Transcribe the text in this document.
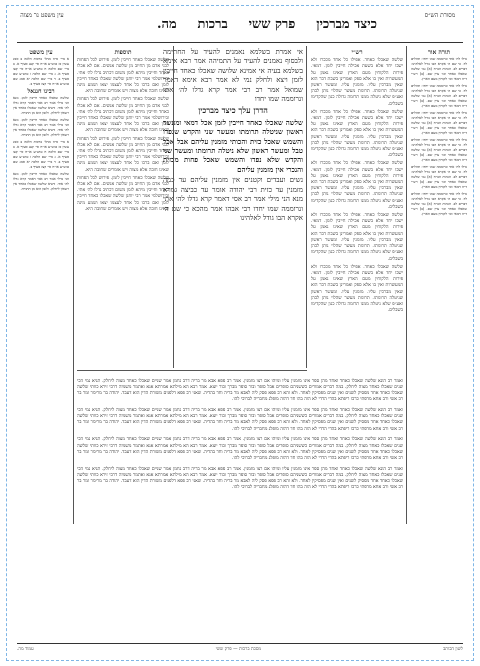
מסורת הש״ס
כיצד מברכין
פרק ששי
ברכות
מה.
עין משפט נר מצוה
תורה אור

גדלו לה׳ אתי ונרוממה שמו יחדו: תהלים לד. כי שם ה׳ אקרא הבו גודל לאלהינו: דברים לב. הגהות הב״ח (א) גמ׳ שלשה שאכלו כאחד וכו׳ עיין שם. (ב) רש״י ד״ה דמאי וכו׳ לקוחין מעם הארץ.

גדלו לה׳ אתי ונרוממה שמו יחדו: תהלים לד. כי שם ה׳ אקרא הבו גודל לאלהינו: דברים לב. הגהות הב״ח (א) גמ׳ שלשה שאכלו כאחד וכו׳ עיין שם. (ב) רש״י ד״ה דמאי וכו׳ לקוחין מעם הארץ.

גדלו לה׳ אתי ונרוממה שמו יחדו: תהלים לד. כי שם ה׳ אקרא הבו גודל לאלהינו: דברים לב. הגהות הב״ח (א) גמ׳ שלשה שאכלו כאחד וכו׳ עיין שם. (ב) רש״י ד״ה דמאי וכו׳ לקוחין מעם הארץ.

גדלו לה׳ אתי ונרוממה שמו יחדו: תהלים לד. כי שם ה׳ אקרא הבו גודל לאלהינו: דברים לב. הגהות הב״ח (א) גמ׳ שלשה שאכלו כאחד וכו׳ עיין שם. (ב) רש״י ד״ה דמאי וכו׳ לקוחין מעם הארץ.

גדלו לה׳ אתי ונרוממה שמו יחדו: תהלים לד. כי שם ה׳ אקרא הבו גודל לאלהינו: דברים לב. הגהות הב״ח (א) גמ׳ שלשה שאכלו כאחד וכו׳ עיין שם. (ב) רש״י ד״ה דמאי וכו׳ לקוחין מעם הארץ.

גדלו לה׳ אתי ונרוממה שמו יחדו: תהלים לד. כי שם ה׳ אקרא הבו גודל לאלהינו: דברים לב. הגהות הב״ח (א) גמ׳ שלשה שאכלו כאחד וכו׳ עיין שם. (ב) רש״י ד״ה דמאי וכו׳ לקוחין מעם הארץ.

רש״י

שלשה שאכלו כאחד. אפילו כל אחד מככרו ולא ישבו יחד אלא בשעת אכילה חייבין לזמן. דמאי. פירות הלקוחין מעם הארץ שאינו נאמן על המעשרות ואין בו אלא ספק ואמרינן בשבת דבר הוא שאין מברכין עליו. מזמנין עליו. ומעשר ראשון שניטלה תרומתו. תרומת מעשר שהלוי נותן לכהן ואע״פ שלא ניטלה ממנו תרומה גדולה כגון שהקדימו בשבלים.

שלשה שאכלו כאחד. אפילו כל אחד מככרו ולא ישבו יחד אלא בשעת אכילה חייבין לזמן. דמאי. פירות הלקוחין מעם הארץ שאינו נאמן על המעשרות ואין בו אלא ספק ואמרינן בשבת דבר הוא שאין מברכין עליו. מזמנין עליו. ומעשר ראשון שניטלה תרומתו. תרומת מעשר שהלוי נותן לכהן ואע״פ שלא ניטלה ממנו תרומה גדולה כגון שהקדימו בשבלים.

שלשה שאכלו כאחד. אפילו כל אחד מככרו ולא ישבו יחד אלא בשעת אכילה חייבין לזמן. דמאי. פירות הלקוחין מעם הארץ שאינו נאמן על המעשרות ואין בו אלא ספק ואמרינן בשבת דבר הוא שאין מברכין עליו. מזמנין עליו. ומעשר ראשון שניטלה תרומתו. תרומת מעשר שהלוי נותן לכהן ואע״פ שלא ניטלה ממנו תרומה גדולה כגון שהקדימו בשבלים.

שלשה שאכלו כאחד. אפילו כל אחד מככרו ולא ישבו יחד אלא בשעת אכילה חייבין לזמן. דמאי. פירות הלקוחין מעם הארץ שאינו נאמן על המעשרות ואין בו אלא ספק ואמרינן בשבת דבר הוא שאין מברכין עליו. מזמנין עליו. ומעשר ראשון שניטלה תרומתו. תרומת מעשר שהלוי נותן לכהן ואע״פ שלא ניטלה ממנו תרומה גדולה כגון שהקדימו בשבלים.

שלשה שאכלו כאחד. אפילו כל אחד מככרו ולא ישבו יחד אלא בשעת אכילה חייבין לזמן. דמאי. פירות הלקוחין מעם הארץ שאינו נאמן על המעשרות ואין בו אלא ספק ואמרינן בשבת דבר הוא שאין מברכין עליו. מזמנין עליו. ומעשר ראשון שניטלה תרומתו. תרומת מעשר שהלוי נותן לכהן ואע״פ שלא ניטלה ממנו תרומה גדולה כגון שהקדימו בשבלים.

אי אמרת בשלמא נאמנים להעיד על החתימה ולבסוף נאמנים להעיד על התמיהה אמר רבא אימא בשלמא בעיה אי אמינא שלושה שאכלו כאחד חייבין לזמן ויצא ולחלק נמי לא אמר רבא אימא דאמר שמואל אמר רב רבי אמר קרא גדלו לה׳ אתי ונרוממה שמו יחדו

הדרן עלך כיצד מברכין

שלשה שאכלו כאחד חייבין לזמן אכל דמאי ומעשר ראשון שניטלה תרומתו ומעשר שני והקדש שנפדו והשמש שאכל כזית והכותי מזמנין עליהם אבל אכל טבל ומעשר ראשון שלא ניטלה תרומתו ומעשר שני והקדש שלא נפדו והשמש שאכל פחות מכזית והנכרי אין מזמנין עליהם

נשים ועבדים וקטנים אין מזמנין עליהם עד כמה מזמנין עד כזית רבי יהודה אומר עד כביצה גמרא מנא הני מילי אמר רב אסי דאמר קרא גדלו לה׳ אתי ונרוממה שמו יחדו רבי אבהו אמר מהכא כי שם ה׳ אקרא הבו גודל לאלהינו

תוספות

שלשה שאכלו כאחד חייבין לזמן. פירוש לכל הפחות לבני אדם מן החיוב מן שלשה אנשים. אם לא אכלו כאחד וחייבין מיהא לזמן משום דכתיב גדלו לה׳ אתי. ובירושלמי אמר רבי יוחנן שלשה שאכלו כאחד חייבין לזמן ואם ברכו כל אחד לעצמו יצאו ושמע מינה שאינו חובה אלא מצוה ויש אומרים שחובה היא.

שלשה שאכלו כאחד חייבין לזמן. פירוש לכל הפחות לבני אדם מן החיוב מן שלשה אנשים. אם לא אכלו כאחד וחייבין מיהא לזמן משום דכתיב גדלו לה׳ אתי. ובירושלמי אמר רבי יוחנן שלשה שאכלו כאחד חייבין לזמן ואם ברכו כל אחד לעצמו יצאו ושמע מינה שאינו חובה אלא מצוה ויש אומרים שחובה היא.

שלשה שאכלו כאחד חייבין לזמן. פירוש לכל הפחות לבני אדם מן החיוב מן שלשה אנשים. אם לא אכלו כאחד וחייבין מיהא לזמן משום דכתיב גדלו לה׳ אתי. ובירושלמי אמר רבי יוחנן שלשה שאכלו כאחד חייבין לזמן ואם ברכו כל אחד לעצמו יצאו ושמע מינה שאינו חובה אלא מצוה ויש אומרים שחובה היא.

שלשה שאכלו כאחד חייבין לזמן. פירוש לכל הפחות לבני אדם מן החיוב מן שלשה אנשים. אם לא אכלו כאחד וחייבין מיהא לזמן משום דכתיב גדלו לה׳ אתי. ובירושלמי אמר רבי יוחנן שלשה שאכלו כאחד חייבין לזמן ואם ברכו כל אחד לעצמו יצאו ושמע מינה שאינו חובה אלא מצוה ויש אומרים שחובה היא.

עין משפט

א מיי׳ פ״ה מהל׳ ברכות הלכה ב סמג עשין כז טוש״ע או״ח סי׳ קצג סעיף א. ב מיי׳ שם הלכה ח טוש״ע או״ח סי׳ קצו סעיף א. ג מיי׳ שם הלכה ז טוש״ע שם סעיף ב. ד מיי׳ שם הלכה יא סמג שם טוש״ע או״ח סי׳ קצז סעיף ב.

רבינו חננאל

שלשה שאכלו כאחד חייבין לזמן. מנא הני מילי אמר רב אסי דאמר קרא גדלו לה׳ אתי. ותניא שלשה שאכלו כאחד אין רשאין ליחלק. ולזמן הוא מן התורה.

שלשה שאכלו כאחד חייבין לזמן. מנא הני מילי אמר רב אסי דאמר קרא גדלו לה׳ אתי. ותניא שלשה שאכלו כאחד אין רשאין ליחלק. ולזמן הוא מן התורה.

א מיי׳ פ״ה מהל׳ ברכות הלכה ב סמג עשין כז טוש״ע או״ח סי׳ קצג סעיף א. ב מיי׳ שם הלכה ח טוש״ע או״ח סי׳ קצו סעיף א. ג מיי׳ שם הלכה ז טוש״ע שם סעיף ב. ד מיי׳ שם הלכה יא סמג שם טוש״ע או״ח סי׳ קצז סעיף ב.

שלשה שאכלו כאחד חייבין לזמן. מנא הני מילי אמר רב אסי דאמר קרא גדלו לה׳ אתי. ותניא שלשה שאכלו כאחד אין רשאין ליחלק. ולזמן הוא מן התורה.

ואמר רב הונא שלשה שאכלו כאחד ואחד מהן ספר אינו מזמנין עליו ומיהו אם רצו מזמנין. אמר רב פפא אבא מר בריה דרב נחמן אמר שניים שאכלו כאחד מצוה ליחלק. תניא נמי הכי שנים שאכלו כאחד מצוה ליחלק. במה דברים אמורים כששניהם סופרים אבל סופר ובור סופר מברך ובור יוצא. אמר רבא הא מילתא אמרתא אנא ואתמר משמיה דרבי זירא כוותי שלשה שאכלו כאחד אחד מפסיק לשנים ואין שנים מפסיקין לאחד. ולא והא רב פפא פסק ליה לאבא מר בריה וחד בהדיה. שאני רב פפא דלפנים משורת הדין הוא דעבד. יהודה בר מרימר ומר בר רב אשי ורב אחא מדפתי כרכו ריפתא בהדי הדדי לא הוה בהו חד דהוה מופלג מחבריה לברוכי להו.

ואמר רב הונא שלשה שאכלו כאחד ואחד מהן ספר אינו מזמנין עליו ומיהו אם רצו מזמנין. אמר רב פפא אבא מר בריה דרב נחמן אמר שניים שאכלו כאחד מצוה ליחלק. תניא נמי הכי שנים שאכלו כאחד מצוה ליחלק. במה דברים אמורים כששניהם סופרים אבל סופר ובור סופר מברך ובור יוצא. אמר רבא הא מילתא אמרתא אנא ואתמר משמיה דרבי זירא כוותי שלשה שאכלו כאחד אחד מפסיק לשנים ואין שנים מפסיקין לאחד. ולא והא רב פפא פסק ליה לאבא מר בריה וחד בהדיה. שאני רב פפא דלפנים משורת הדין הוא דעבד. יהודה בר מרימר ומר בר רב אשי ורב אחא מדפתי כרכו ריפתא בהדי הדדי לא הוה בהו חד דהוה מופלג מחבריה לברוכי להו.

ואמר רב הונא שלשה שאכלו כאחד ואחד מהן ספר אינו מזמנין עליו ומיהו אם רצו מזמנין. אמר רב פפא אבא מר בריה דרב נחמן אמר שניים שאכלו כאחד מצוה ליחלק. תניא נמי הכי שנים שאכלו כאחד מצוה ליחלק. במה דברים אמורים כששניהם סופרים אבל סופר ובור סופר מברך ובור יוצא. אמר רבא הא מילתא אמרתא אנא ואתמר משמיה דרבי זירא כוותי שלשה שאכלו כאחד אחד מפסיק לשנים ואין שנים מפסיקין לאחד. ולא והא רב פפא פסק ליה לאבא מר בריה וחד בהדיה. שאני רב פפא דלפנים משורת הדין הוא דעבד. יהודה בר מרימר ומר בר רב אשי ורב אחא מדפתי כרכו ריפתא בהדי הדדי לא הוה בהו חד דהוה מופלג מחבריה לברוכי להו.

ואמר רב הונא שלשה שאכלו כאחד ואחד מהן ספר אינו מזמנין עליו ומיהו אם רצו מזמנין. אמר רב פפא אבא מר בריה דרב נחמן אמר שניים שאכלו כאחד מצוה ליחלק. תניא נמי הכי שנים שאכלו כאחד מצוה ליחלק. במה דברים אמורים כששניהם סופרים אבל סופר ובור סופר מברך ובור יוצא. אמר רבא הא מילתא אמרתא אנא ואתמר משמיה דרבי זירא כוותי שלשה שאכלו כאחד אחד מפסיק לשנים ואין שנים מפסיקין לאחד. ולא והא רב פפא פסק ליה לאבא מר בריה וחד בהדיה. שאני רב פפא דלפנים משורת הדין הוא דעבד. יהודה בר מרימר ומר בר רב אשי ורב אחא מדפתי כרכו ריפתא בהדי הדדי לא הוה בהו חד דהוה מופלג מחבריה לברוכי להו.

לשון הכותב
מסכת ברכות — פרק ששי
עמוד מה.
